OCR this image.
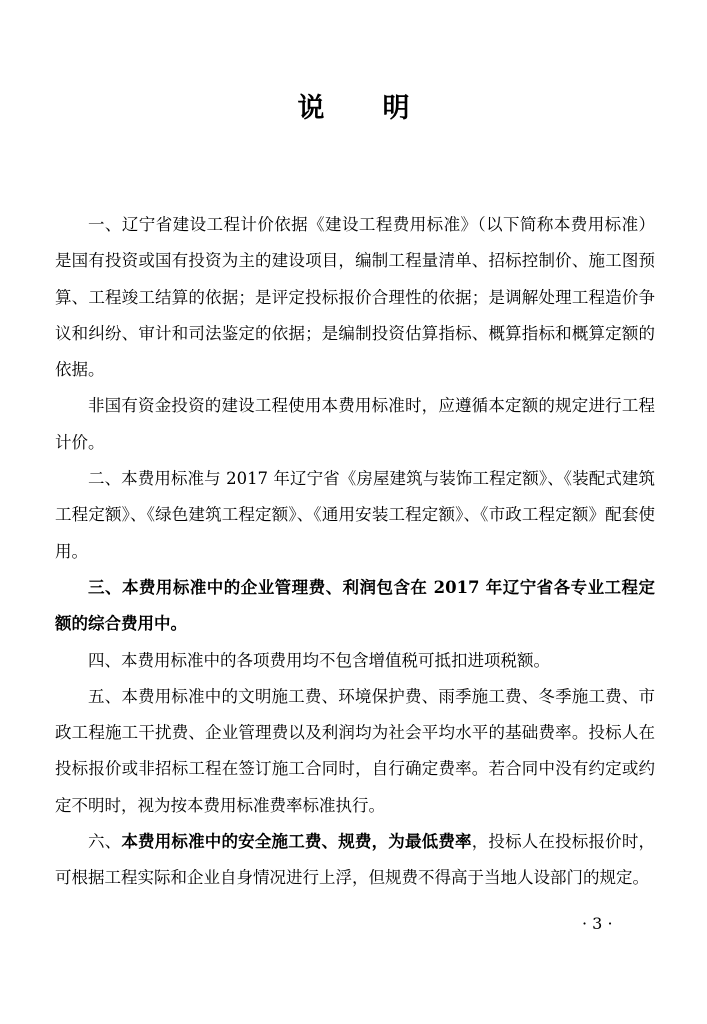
说 明

一、辽宁省建设工程计价依据《建设工程费用标准》（以下简称本费用标准）是国有投资或国有投资为主的建设项目，编制工程量清单、招标控制价、施工图预算、工程竣工结算的依据；是评定投标报价合理性的依据；是调解处理工程造价争议和纠纷、审计和司法鉴定的依据；是编制投资估算指标、概算指标和概算定额的依据。

非国有资金投资的建设工程使用本费用标准时，应遵循本定额的规定进行工程计价。

二、本费用标准与 2017 年辽宁省《房屋建筑与装饰工程定额》、《装配式建筑工程定额》、《绿色建筑工程定额》、《通用安装工程定额》、《市政工程定额》配套使用。

三、本费用标准中的企业管理费、利润包含在 2017 年辽宁省各专业工程定额的综合费用中。

四、本费用标准中的各项费用均不包含增值税可抵扣进项税额。

五、本费用标准中的文明施工费、环境保护费、雨季施工费、冬季施工费、市政工程施工干扰费、企业管理费以及利润均为社会平均水平的基础费率。投标人在投标报价或非招标工程在签订施工合同时，自行确定费率。若合同中没有约定或约定不明时，视为按本费用标准费率标准执行。

六、本费用标准中的安全施工费、规费，为最低费率，投标人在投标报价时，可根据工程实际和企业自身情况进行上浮，但规费不得高于当地人设部门的规定。

· 3 ·
